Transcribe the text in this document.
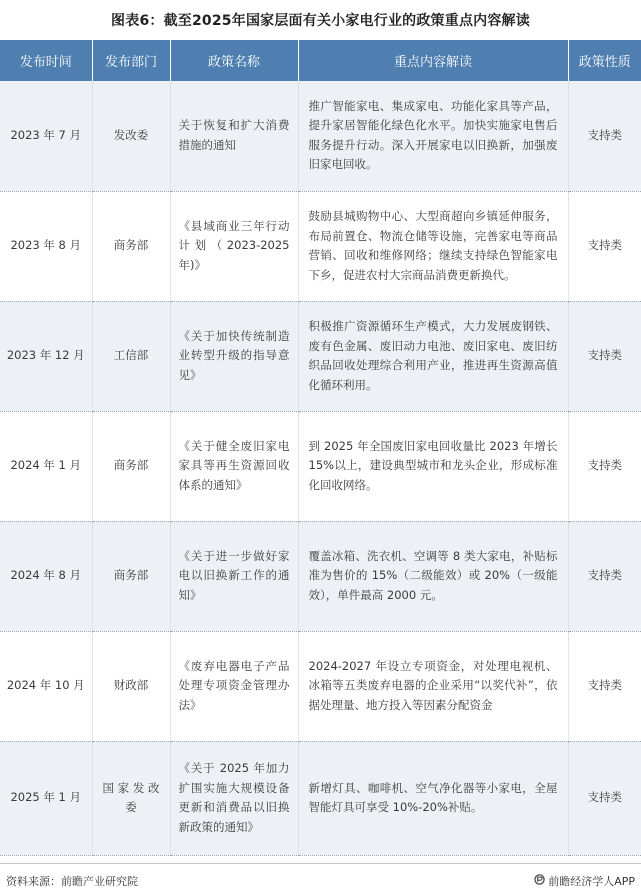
图表6：截至2025年国家层面有关小家电行业的政策重点内容解读
发布时间	发布部门	政策名称	重点内容解读	政策性质
2023 年 7 月	发改委	关于恢复和扩大消费措施的通知	推广智能家电、集成家电、功能化家具等产品，提升家居智能化绿色化水平。加快实施家电售后服务提升行动。深入开展家电以旧换新，加强废旧家电回收。	支持类
2023 年 8 月	商务部	《县域商业三年行动计 划 （ 2023-2025 年)》	鼓励县城购物中心、大型商超向乡镇延伸服务，布局前置仓、物流仓储等设施，完善家电等商品营销、回收和维修网络；继续支持绿色智能家电下乡，促进农村大宗商品消费更新换代。	支持类
2023 年 12 月	工信部	《关于加快传统制造业转型升级的指导意见》	积极推广资源循环生产模式，大力发展废钢铁、废有色金属、废旧动力电池、废旧家电、废旧纺织品回收处理综合利用产业，推进再生资源高值化循环利用。	支持类
2024 年 1 月	商务部	《关于健全废旧家电家具等再生资源回收体系的通知》	到 2025 年全国废旧家电回收量比 2023 年增长15%以上，建设典型城市和龙头企业，形成标准化回收网络。	支持类
2024 年 8 月	商务部	《关于进一步做好家电以旧换新工作的通知》	覆盖冰箱、洗衣机、空调等 8 类大家电，补贴标准为售价的 15%（二级能效）或 20%（一级能效），单件最高 2000 元。	支持类
2024 年 10 月	财政部	《废弃电器电子产品处理专项资金管理办法》	2024-2027 年设立专项资金，对处理电视机、冰箱等五类废弃电器的企业采用“以奖代补”，依据处理量、地方投入等因素分配资金	支持类
2025 年 1 月	国 家 发 改委	《关于 2025 年加力扩围实施大规模设备更新和消费品以旧换新政策的通知》	新增灯具、咖啡机、空气净化器等小家电，全屋智能灯具可享受 10%-20%补贴。	支持类
资料来源：前瞻产业研究院	前瞻经济学人APP
